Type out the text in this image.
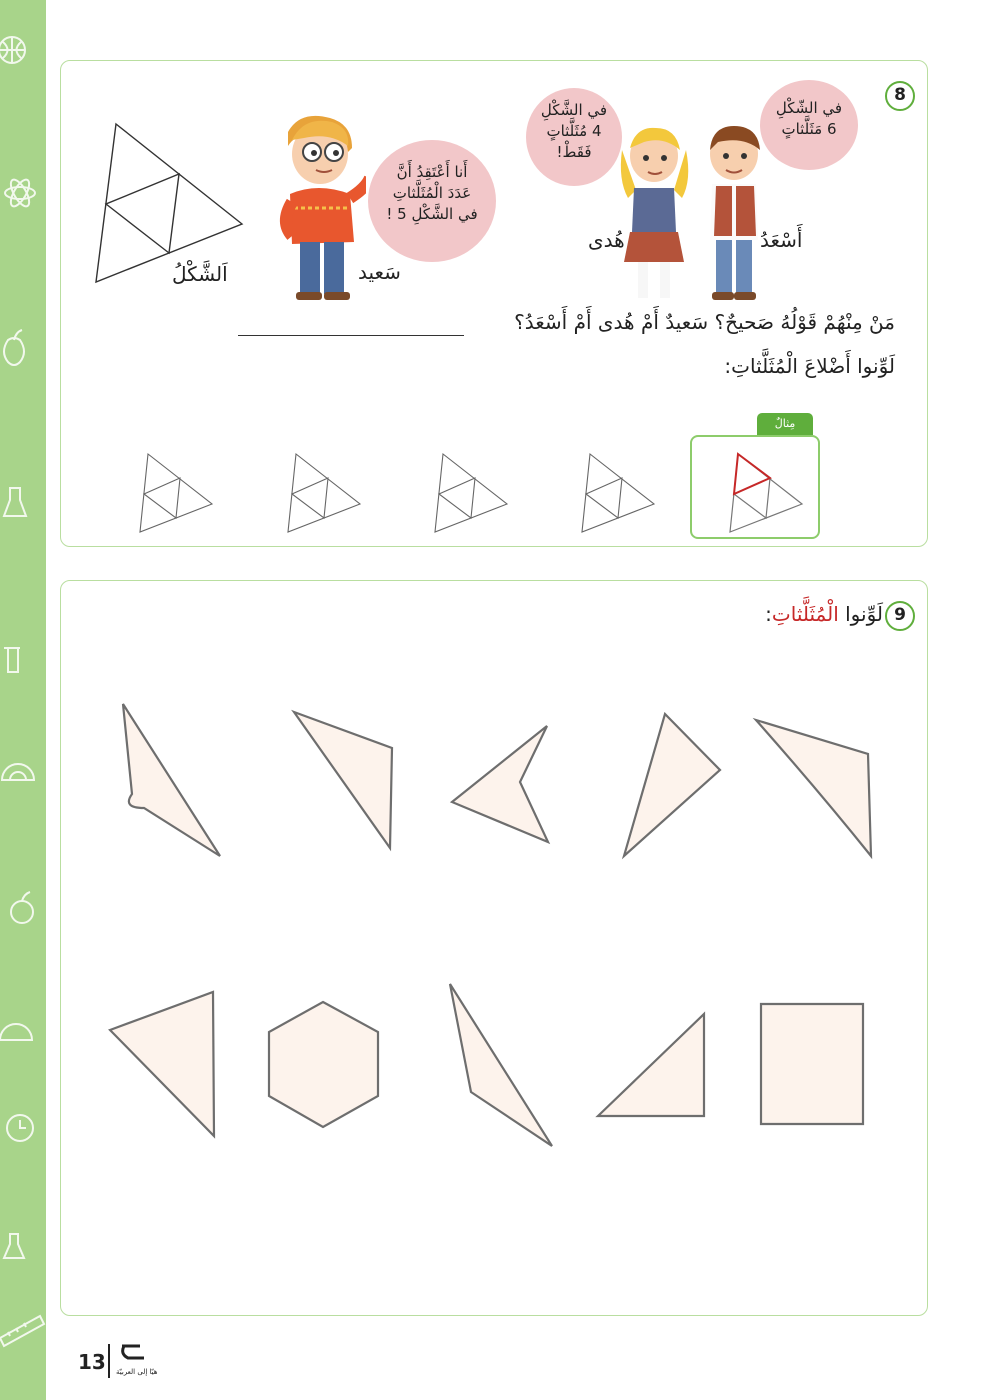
8
اَلشَّكْلُ
أَنا أَعْتَقِدُ أَنَّ
عَدَدَ الْمُثَلَّثاتِ
في الشَّكْلِ 5 !
سَعيد
في الشَّكْلِ
4 مُثَلَّثاتٍ
فَقَطْ!
هُدى
في الشّكْلِ
6 مَثَلَّثاتٍ
أَسْعَدُ
مَنْ مِنْهُمْ قَوْلُهُ صَحيحٌ؟ سَعيدٌ أَمْ هُدى أَمْ أَسْعَدُ؟
لَوِّنوا أَضْلاعَ الْمُثَلَّثاتِ:
مِثالٌ
9
لَوِّنوا الْمُثَلَّثاتِ:
13 هيّا إلى العربيّة
